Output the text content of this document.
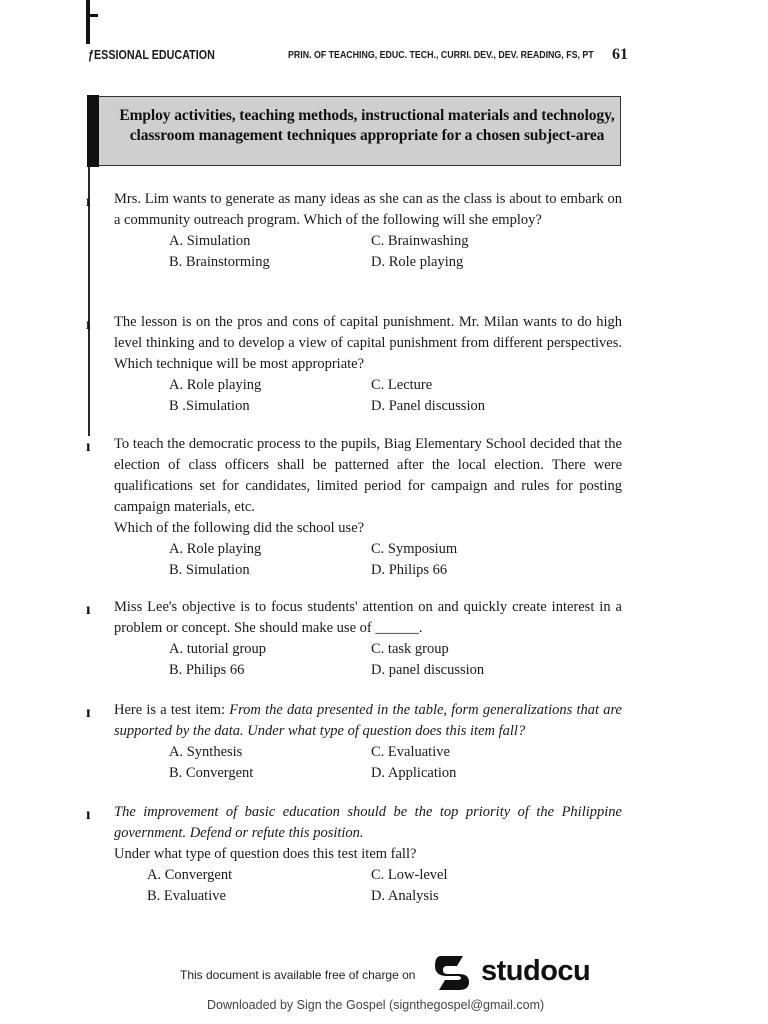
ƒESSIONAL EDUCATION	PRIN. OF TEACHING, EDUC. TECH., CURRI. DEV., DEV. READING, FS, PT 61
Employ activities, teaching methods, instructional materials and technology,
classroom management techniques appropriate for a chosen subject-area
ı Mrs. Lim wants to generate as many ideas as she can as the class is about to embark on a community outreach program. Which of the following will she employ?
A. Simulation	C. Brainwashing
B. Brainstorming	D. Role playing
ı The lesson is on the pros and cons of capital punishment. Mr. Milan wants to do high level thinking and to develop a view of capital punishment from different perspectives. Which technique will be most appropriate?
A. Role playing	C. Lecture
B .Simulation	D. Panel discussion
ı To teach the democratic process to the pupils, Biag Elementary School decided that the election of class officers shall be patterned after the local election. There were qualifications set for candidates, limited period for campaign and rules for posting campaign materials, etc.
Which of the following did the school use?
A. Role playing	C. Symposium
B. Simulation	D. Philips 66
ı Miss Lee's objective is to focus students' attention on and quickly create interest in a problem or concept. She should make use of ______.
A. tutorial group	C. task group
B. Philips 66	D. panel discussion
ɪ Here is a test item: From the data presented in the table, form generalizations that are supported by the data. Under what type of question does this item fall?
A. Synthesis	C. Evaluative
B. Convergent	D. Application
ı The improvement of basic education should be the top priority of the Philippine government. Defend or refute this position.
Under what type of question does this test item fall?
A. Convergent	C. Low-level
B. Evaluative	D. Analysis
This document is available free of charge on studocu
Downloaded by Sign the Gospel (signthegospel@gmail.com)
